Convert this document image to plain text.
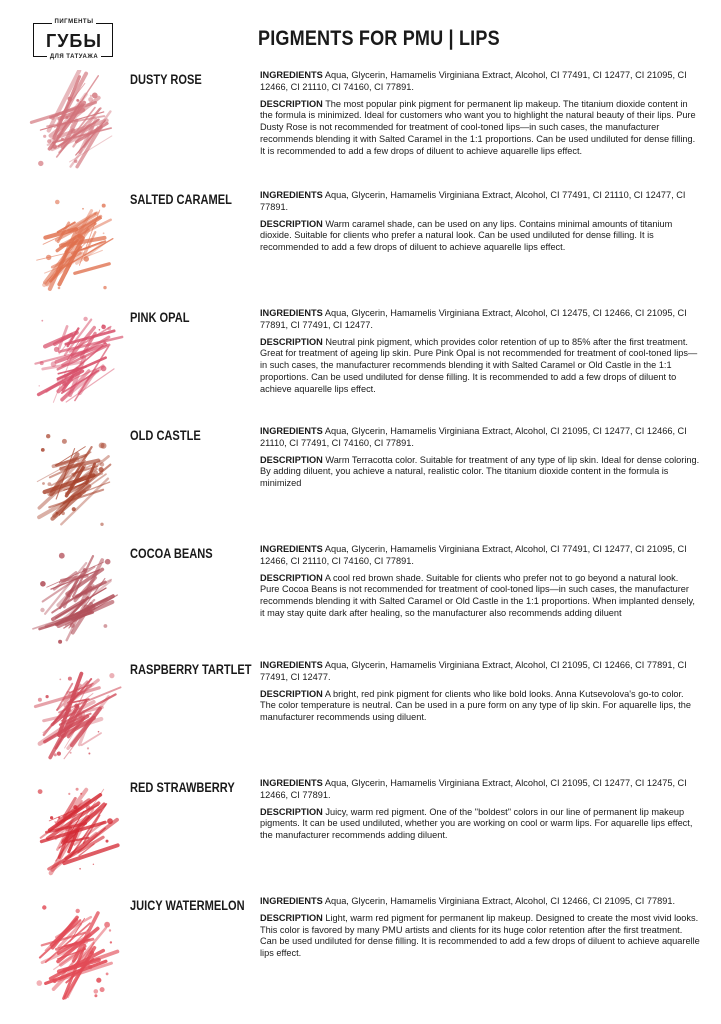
ПИГМЕНТЫ
ГУБЫ
ДЛЯ ТАТУАЖА
PIGMENTS FOR PMU | LIPS
DUSTY ROSE	INGREDIENTS Aqua, Glycerin, Hamamelis Virginiana Extract, Alcohol, CI 77491, CI 12477, CI 21095, CI 12466, CI 21110, CI 74160, CI 77891.

DESCRIPTION The most popular pink pigment for permanent lip makeup. The titanium dioxide content in the formula is minimized. Ideal for customers who want you to highlight the natural beauty of their lips. Pure Dusty Rose is not recommended for treatment of cool-toned lips—in such cases, the manufacturer recommends blending it with Salted Caramel in the 1:1 proportions. Can be used undiluted for dense filling. It is recommended to add a few drops of diluent to achieve aquarelle lips effect.

SALTED CARAMEL	INGREDIENTS Aqua, Glycerin, Hamamelis Virginiana Extract, Alcohol, CI 77491, CI 21110, CI 12477, CI 77891.

DESCRIPTION Warm caramel shade, can be used on any lips. Contains minimal amounts of titanium dioxide. Suitable for clients who prefer a natural look. Can be used undiluted for dense filling. It is recommended to add a few drops of diluent to achieve aquarelle lips effect.

PINK OPAL	INGREDIENTS Aqua, Glycerin, Hamamelis Virginiana Extract, Alcohol, CI 12475, CI 12466, CI 21095, CI 77891, CI 77491, CI 12477.

DESCRIPTION Neutral pink pigment, which provides color retention of up to 85% after the first treatment. Great for treatment of ageing lip skin. Pure Pink Opal is not recommended for treatment of cool-toned lips—in such cases, the manufacturer recommends blending it with Salted Caramel or Old Castle in the 1:1 proportions. Can be used undiluted for dense filling. It is recommended to add a few drops of diluent to achieve aquarelle lips effect.

OLD CASTLE	INGREDIENTS Aqua, Glycerin, Hamamelis Virginiana Extract, Alcohol, CI 21095, CI 12477, CI 12466, CI 21110, CI 77491, CI 74160, CI 77891.

DESCRIPTION Warm Terracotta color. Suitable for treatment of any type of lip skin. Ideal for dense coloring. By adding diluent, you achieve a natural, realistic color. The titanium dioxide content in the formula is minimized

COCOA BEANS	INGREDIENTS Aqua, Glycerin, Hamamelis Virginiana Extract, Alcohol, CI 77491, CI 12477, CI 21095, CI 12466, CI 21110, CI 74160, CI 77891.

DESCRIPTION A cool red brown shade. Suitable for clients who prefer not to go beyond a natural look. Pure Cocoa Beans is not recommended for treatment of cool-toned lips—in such cases, the manufacturer recommends blending it with Salted Caramel or Old Castle in the 1:1 proportions. When implanted densely, it may stay quite dark after healing, so the manufacturer also recommends adding diluent

RASPBERRY TARTLET INGREDIENTS Aqua, Glycerin, Hamamelis Virginiana Extract, Alcohol, CI 21095, CI 12466, CI 77891, CI 77491, CI 12477.

DESCRIPTION A bright, red pink pigment for clients who like bold looks. Anna Kutsevolova's go-to color. The color temperature is neutral. Can be used in a pure form on any type of lip skin. For aquarelle lips, the manufacturer recommends using diluent.

RED STRAWBERRY	INGREDIENTS Aqua, Glycerin, Hamamelis Virginiana Extract, Alcohol, CI 21095, CI 12477, CI 12475, CI 12466, CI 77891.

DESCRIPTION Juicy, warm red pigment. One of the "boldest" colors in our line of permanent lip makeup pigments. It can be used undiluted, whether you are working on cool or warm lips. For aquarelle lips effect, the manufacturer recommends adding diluent.

JUICY WATERMELON INGREDIENTS Aqua, Glycerin, Hamamelis Virginiana Extract, Alcohol, CI 12466, CI 21095, CI 77891.

DESCRIPTION Light, warm red pigment for permanent lip makeup. Designed to create the most vivid looks. This color is favored by many PMU artists and clients for its huge color retention after the first treatment. Can be used undiluted for dense filling. It is recommended to add a few drops of diluent to achieve aquarelle lips effect.
